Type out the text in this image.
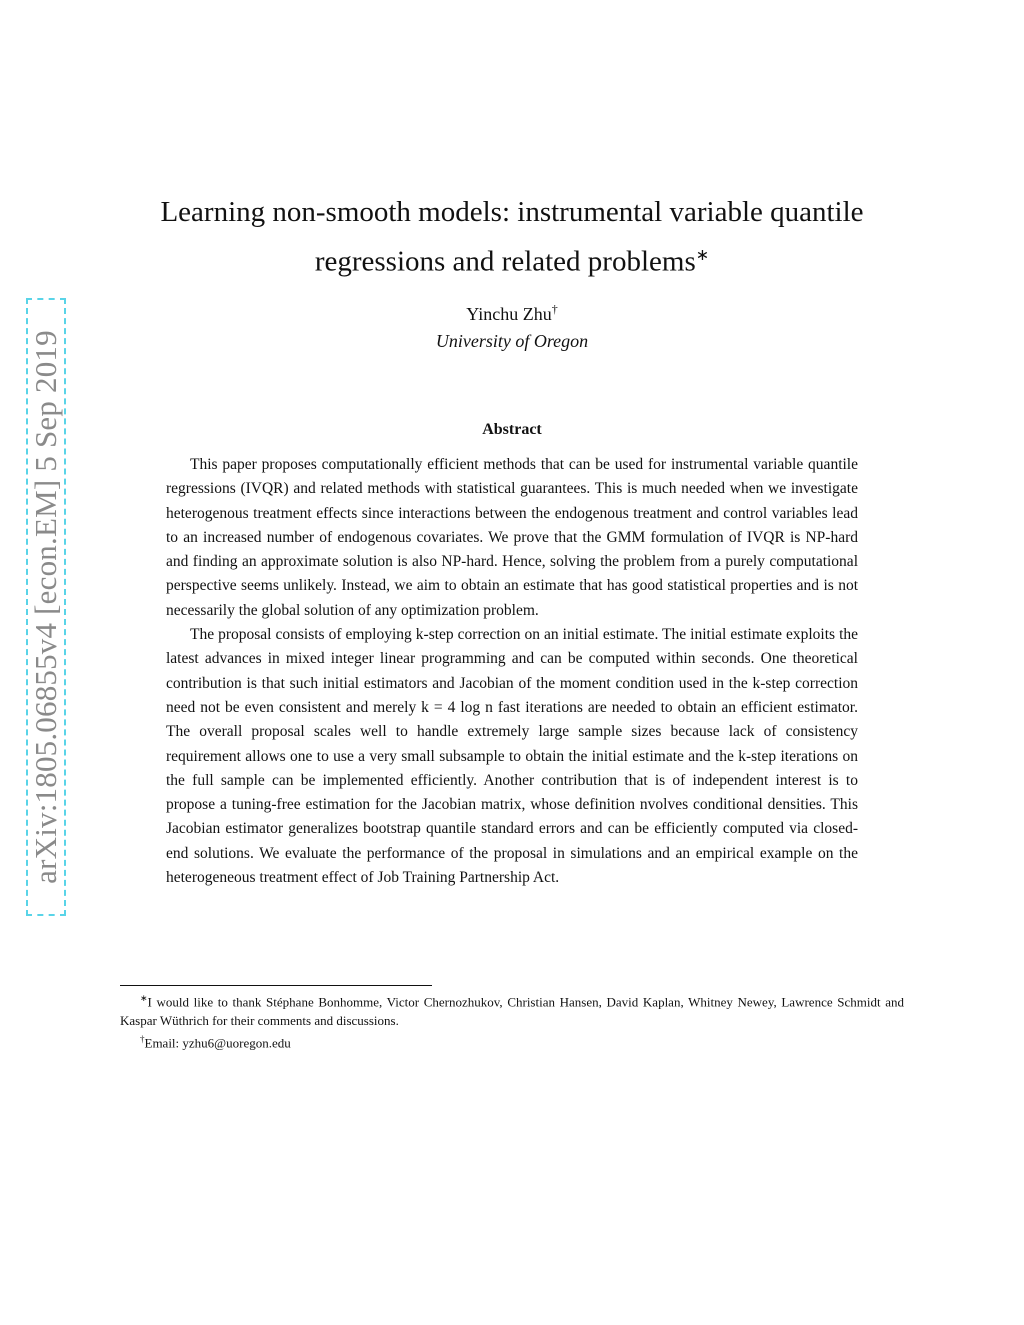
arXiv:1805.06855v4 [econ.EM] 5 Sep 2019
Learning non-smooth models: instrumental variable quantile
regressions and related problems∗
Yinchu Zhu†
University of Oregon
Abstract

This paper proposes computationally efficient methods that can be used for instrumental variable quantile regressions (IVQR) and related methods with statistical guarantees. This is much needed when we investigate heterogenous treatment effects since interactions between the endogenous treatment and control variables lead to an increased number of endogenous covariates. We prove that the GMM formulation of IVQR is NP-hard and finding an approximate solution is also NP-hard. Hence, solving the problem from a purely computational perspective seems unlikely. Instead, we aim to obtain an estimate that has good statistical properties and is not necessarily the global solution of any optimization problem.

The proposal consists of employing k-step correction on an initial estimate. The initial estimate exploits the latest advances in mixed integer linear programming and can be computed within seconds. One theoretical contribution is that such initial estimators and Jacobian of the moment condition used in the k-step correction need not be even consistent and merely k = 4 log n fast iterations are needed to obtain an efficient estimator. The overall proposal scales well to handle extremely large sample sizes because lack of consistency requirement allows one to use a very small subsample to obtain the initial estimate and the k-step iterations on the full sample can be implemented efficiently. Another contribution that is of independent interest is to propose a tuning-free estimation for the Jacobian matrix, whose definition nvolves conditional densities. This Jacobian estimator generalizes bootstrap quantile standard errors and can be efficiently computed via closed-end solutions. We evaluate the performance of the proposal in simulations and an empirical example on the heterogeneous treatment effect of Job Training Partnership Act.

∗I would like to thank Stéphane Bonhomme, Victor Chernozhukov, Christian Hansen, David Kaplan, Whitney Newey, Lawrence Schmidt and Kaspar Wüthrich for their comments and discussions.

†Email: yzhu6@uoregon.edu
